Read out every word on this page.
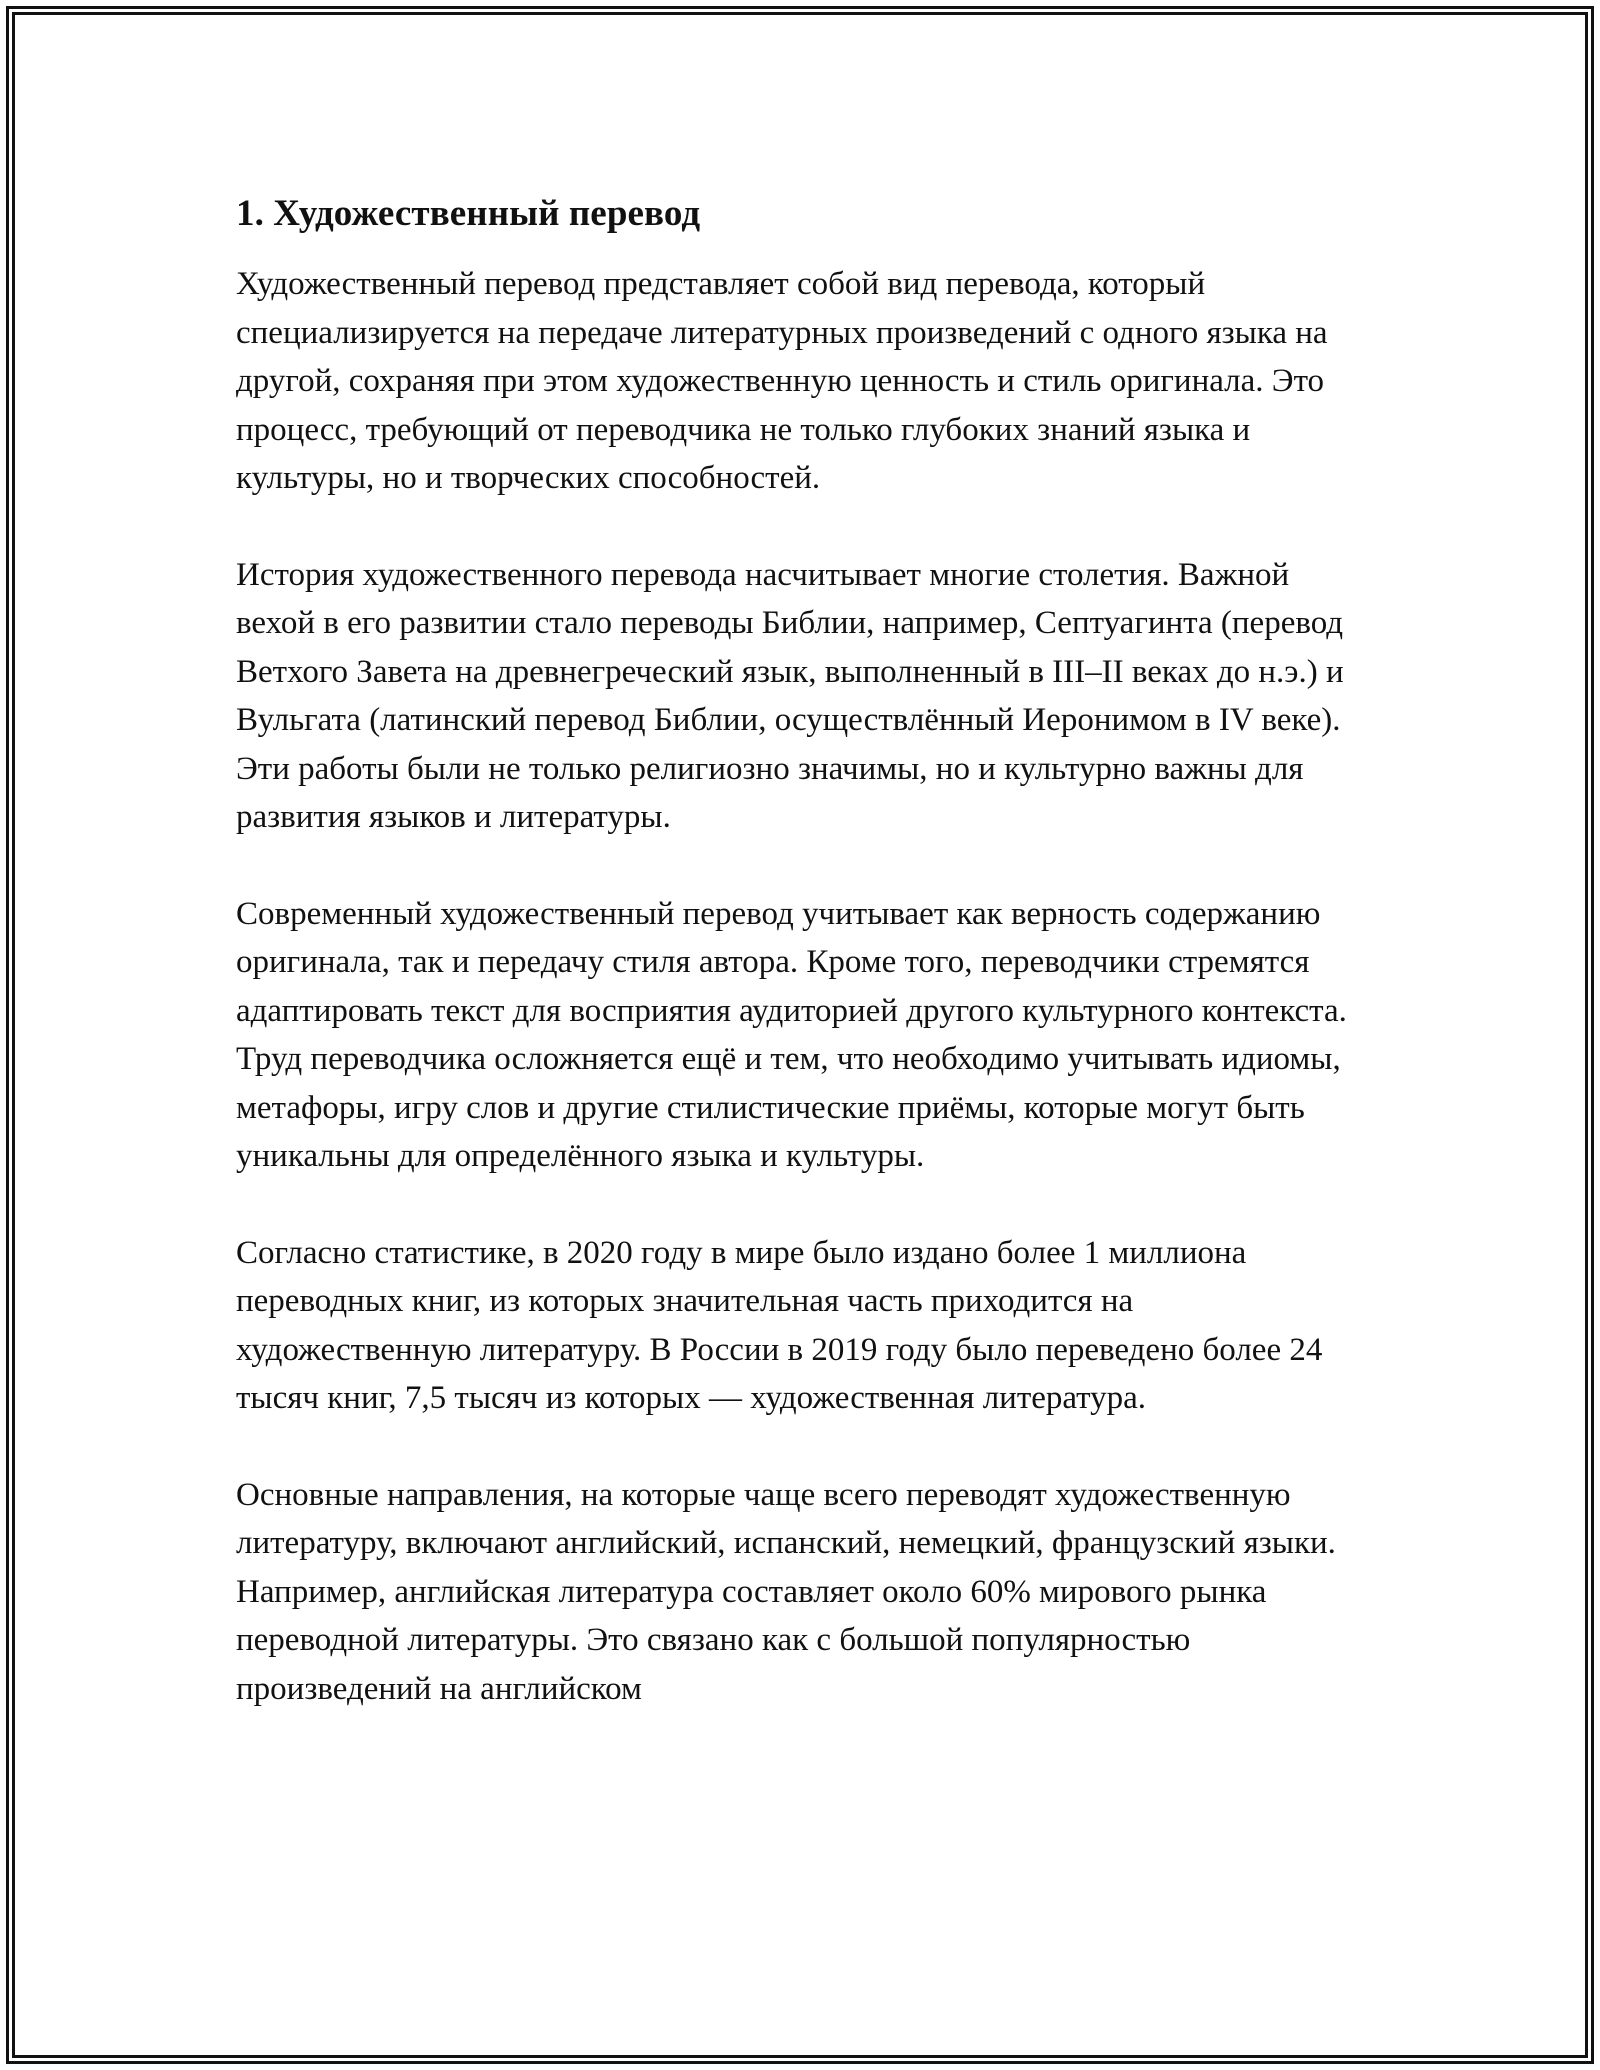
1. Художественный перевод

Художественный перевод представляет собой вид перевода, который специализируется на передаче литературных произведений с одного языка на другой, сохраняя при этом художественную ценность и стиль оригинала. Это процесс, требующий от переводчика не только глубоких знаний языка и культуры, но и творческих способностей.

История художественного перевода насчитывает многие столетия. Важной вехой в его развитии стало переводы Библии, например, Септуагинта (перевод Ветхого Завета на древнегреческий язык, выполненный в III–II веках до н.э.) и Вульгата (латинский перевод Библии, осуществлённый Иеронимом в IV веке). Эти работы были не только религиозно значимы, но и культурно важны для развития языков и литературы.

Современный художественный перевод учитывает как верность содержанию оригинала, так и передачу стиля автора. Кроме того, переводчики стремятся адаптировать текст для восприятия аудиторией другого культурного контекста. Труд переводчика осложняется ещё и тем, что необходимо учитывать идиомы, метафоры, игру слов и другие стилистические приёмы, которые могут быть уникальны для определённого языка и культуры.

Согласно статистике, в 2020 году в мире было издано более 1 миллиона переводных книг, из которых значительная часть приходится на художественную литературу. В России в 2019 году было переведено более 24 тысяч книг, 7,5 тысяч из которых — художественная литература.

Основные направления, на которые чаще всего переводят художественную литературу, включают английский, испанский, немецкий, французский языки. Например, английская литература составляет около 60% мирового рынка переводной литературы. Это связано как с большой популярностью произведений на английском
